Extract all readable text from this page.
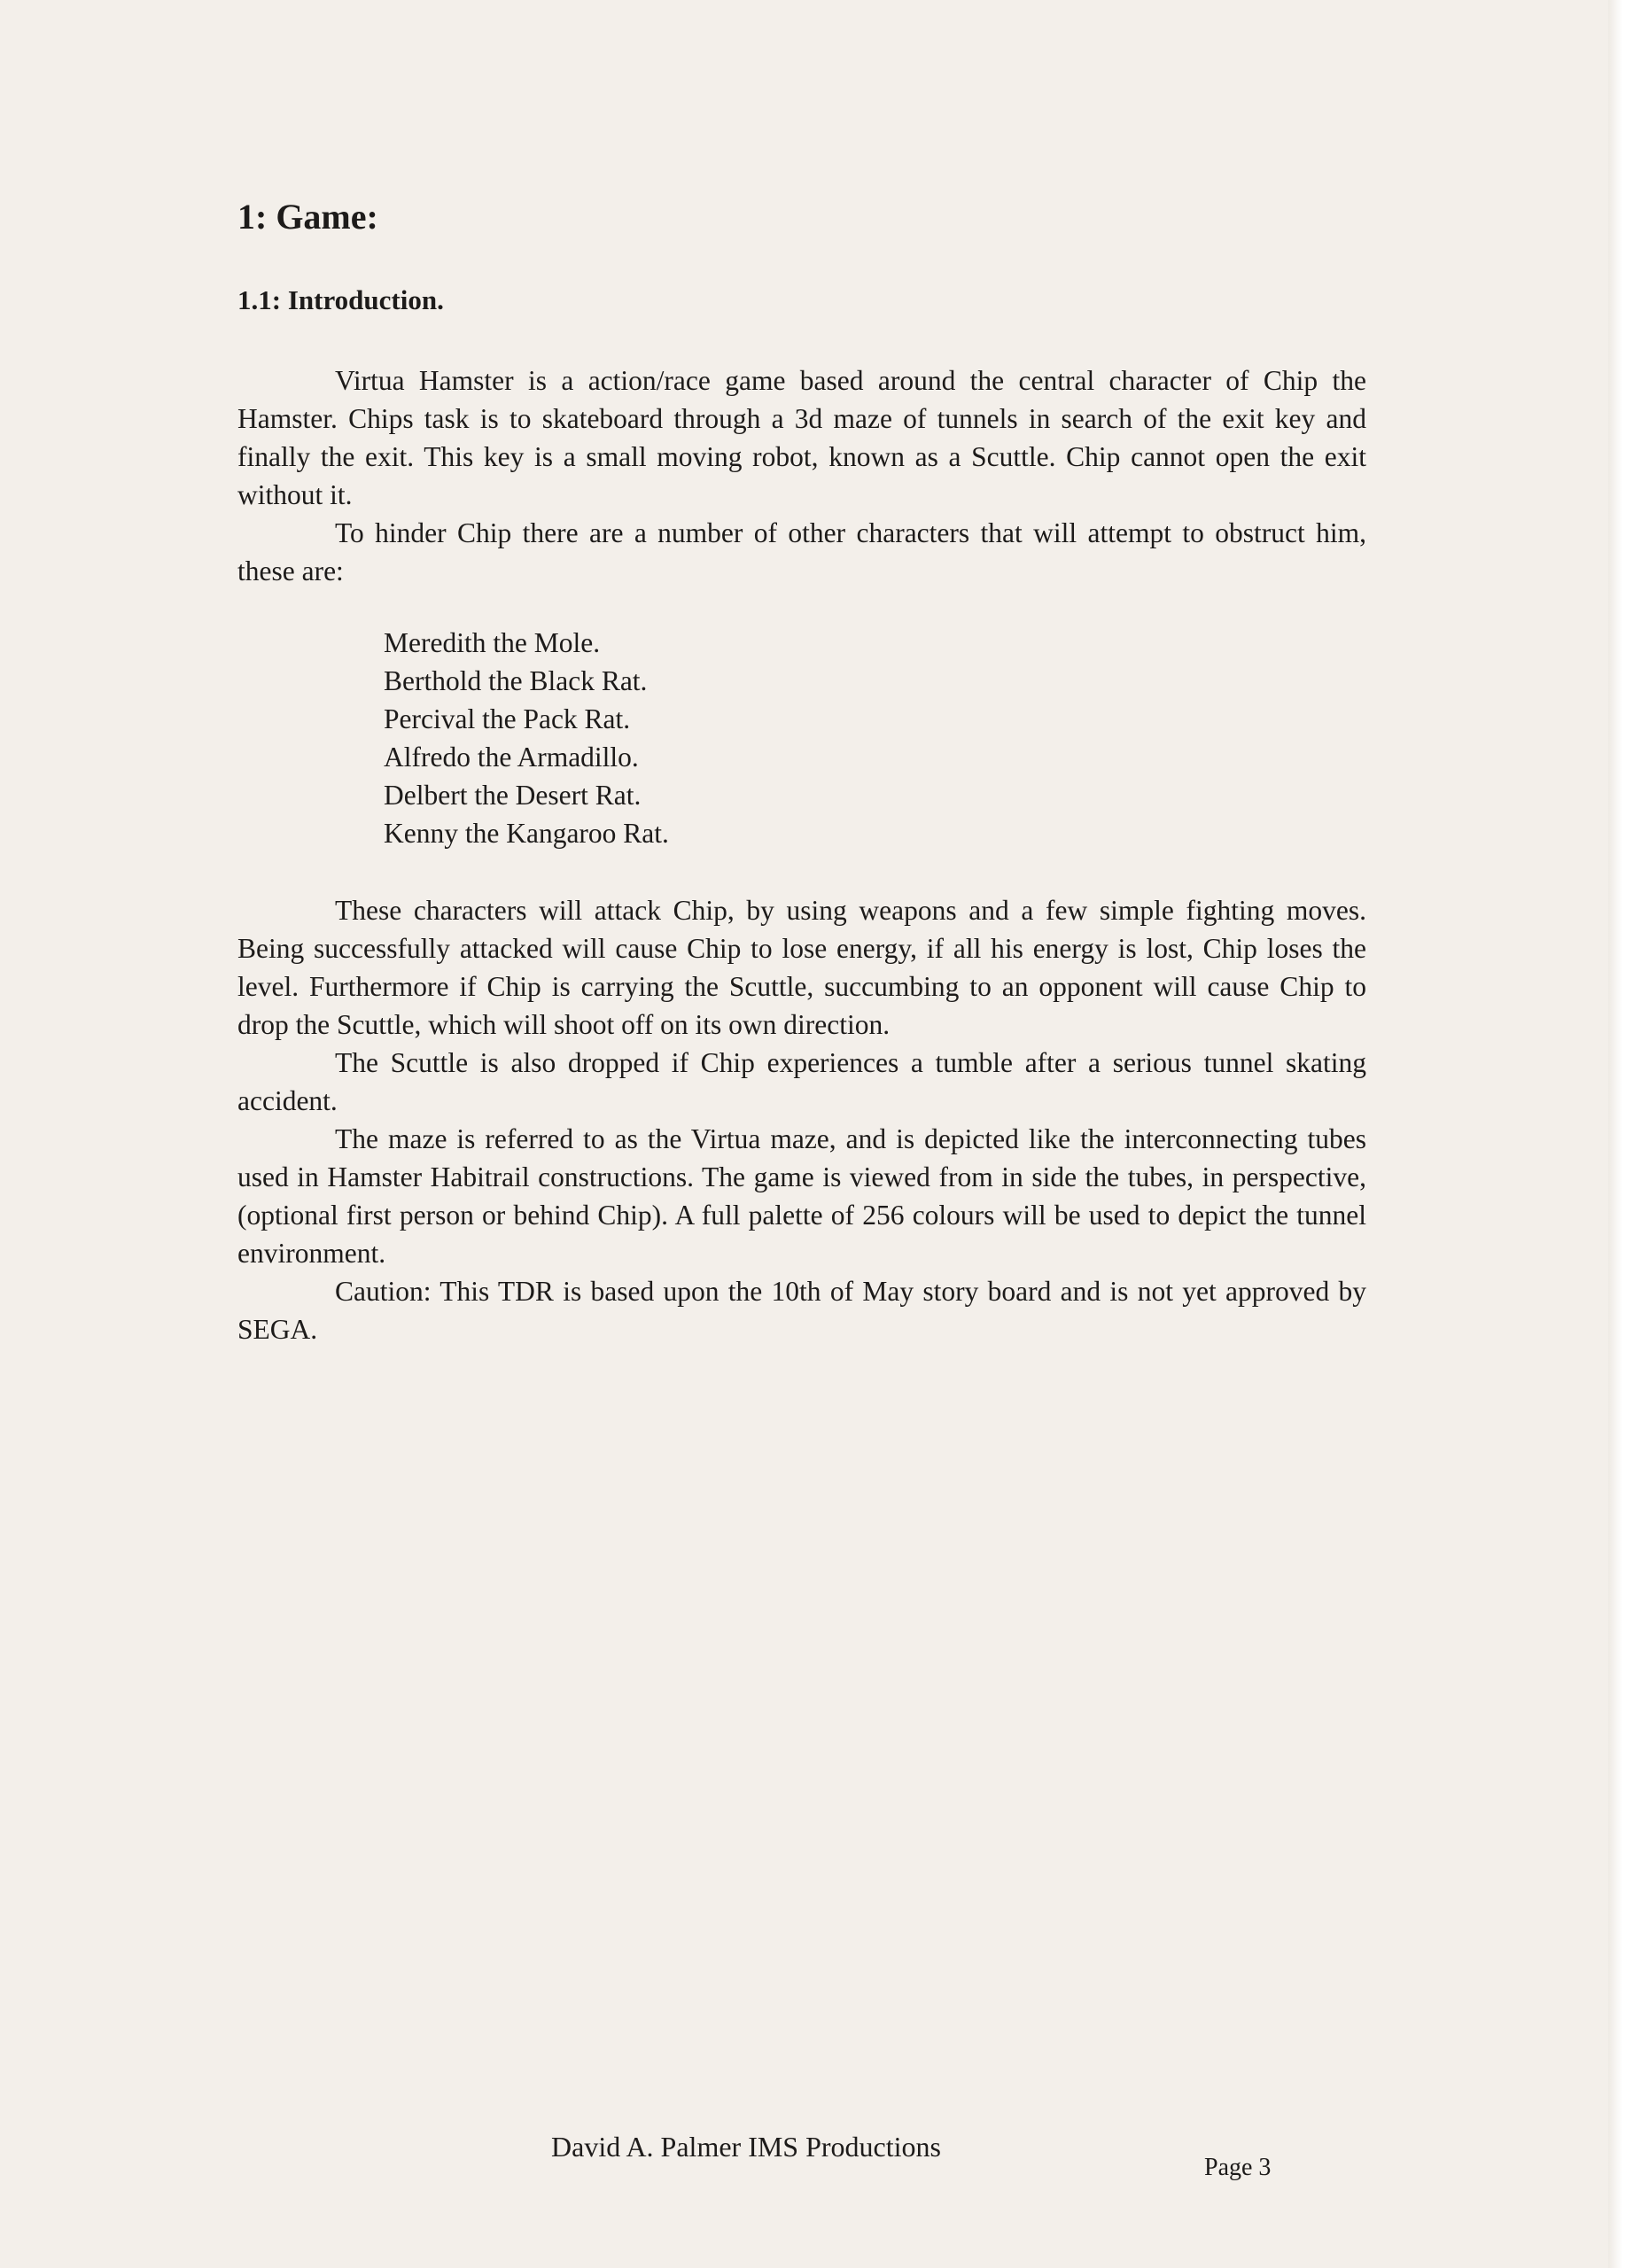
1: Game:
1.1: Introduction.

Virtua Hamster is a action/race game based around the central character of Chip the Hamster. Chips task is to skateboard through a 3d maze of tunnels in search of the exit key and finally the exit. This key is a small moving robot, known as a Scuttle. Chip cannot open the exit without it.

To hinder Chip there are a number of other characters that will attempt to obstruct him, these are:

Meredith the Mole.
Berthold the Black Rat.
Percival the Pack Rat.
Alfredo the Armadillo.
Delbert the Desert Rat.
Kenny the Kangaroo Rat.

These characters will attack Chip, by using weapons and a few simple fighting moves. Being successfully attacked will cause Chip to lose energy, if all his energy is lost, Chip loses the level. Furthermore if Chip is carrying the Scuttle, succumbing to an opponent will cause Chip to drop the Scuttle, which will shoot off on its own direction.

The Scuttle is also dropped if Chip experiences a tumble after a serious tunnel skating accident.

The maze is referred to as the Virtua maze, and is depicted like the interconnecting tubes used in Hamster Habitrail constructions. The game is viewed from in side the tubes, in perspective, (optional first person or behind Chip). A full palette of 256 colours will be used to depict the tunnel environment.

Caution: This TDR is based upon the 10th of May story board and is not yet approved by SEGA.

David A. Palmer IMS Productions
Page 3
